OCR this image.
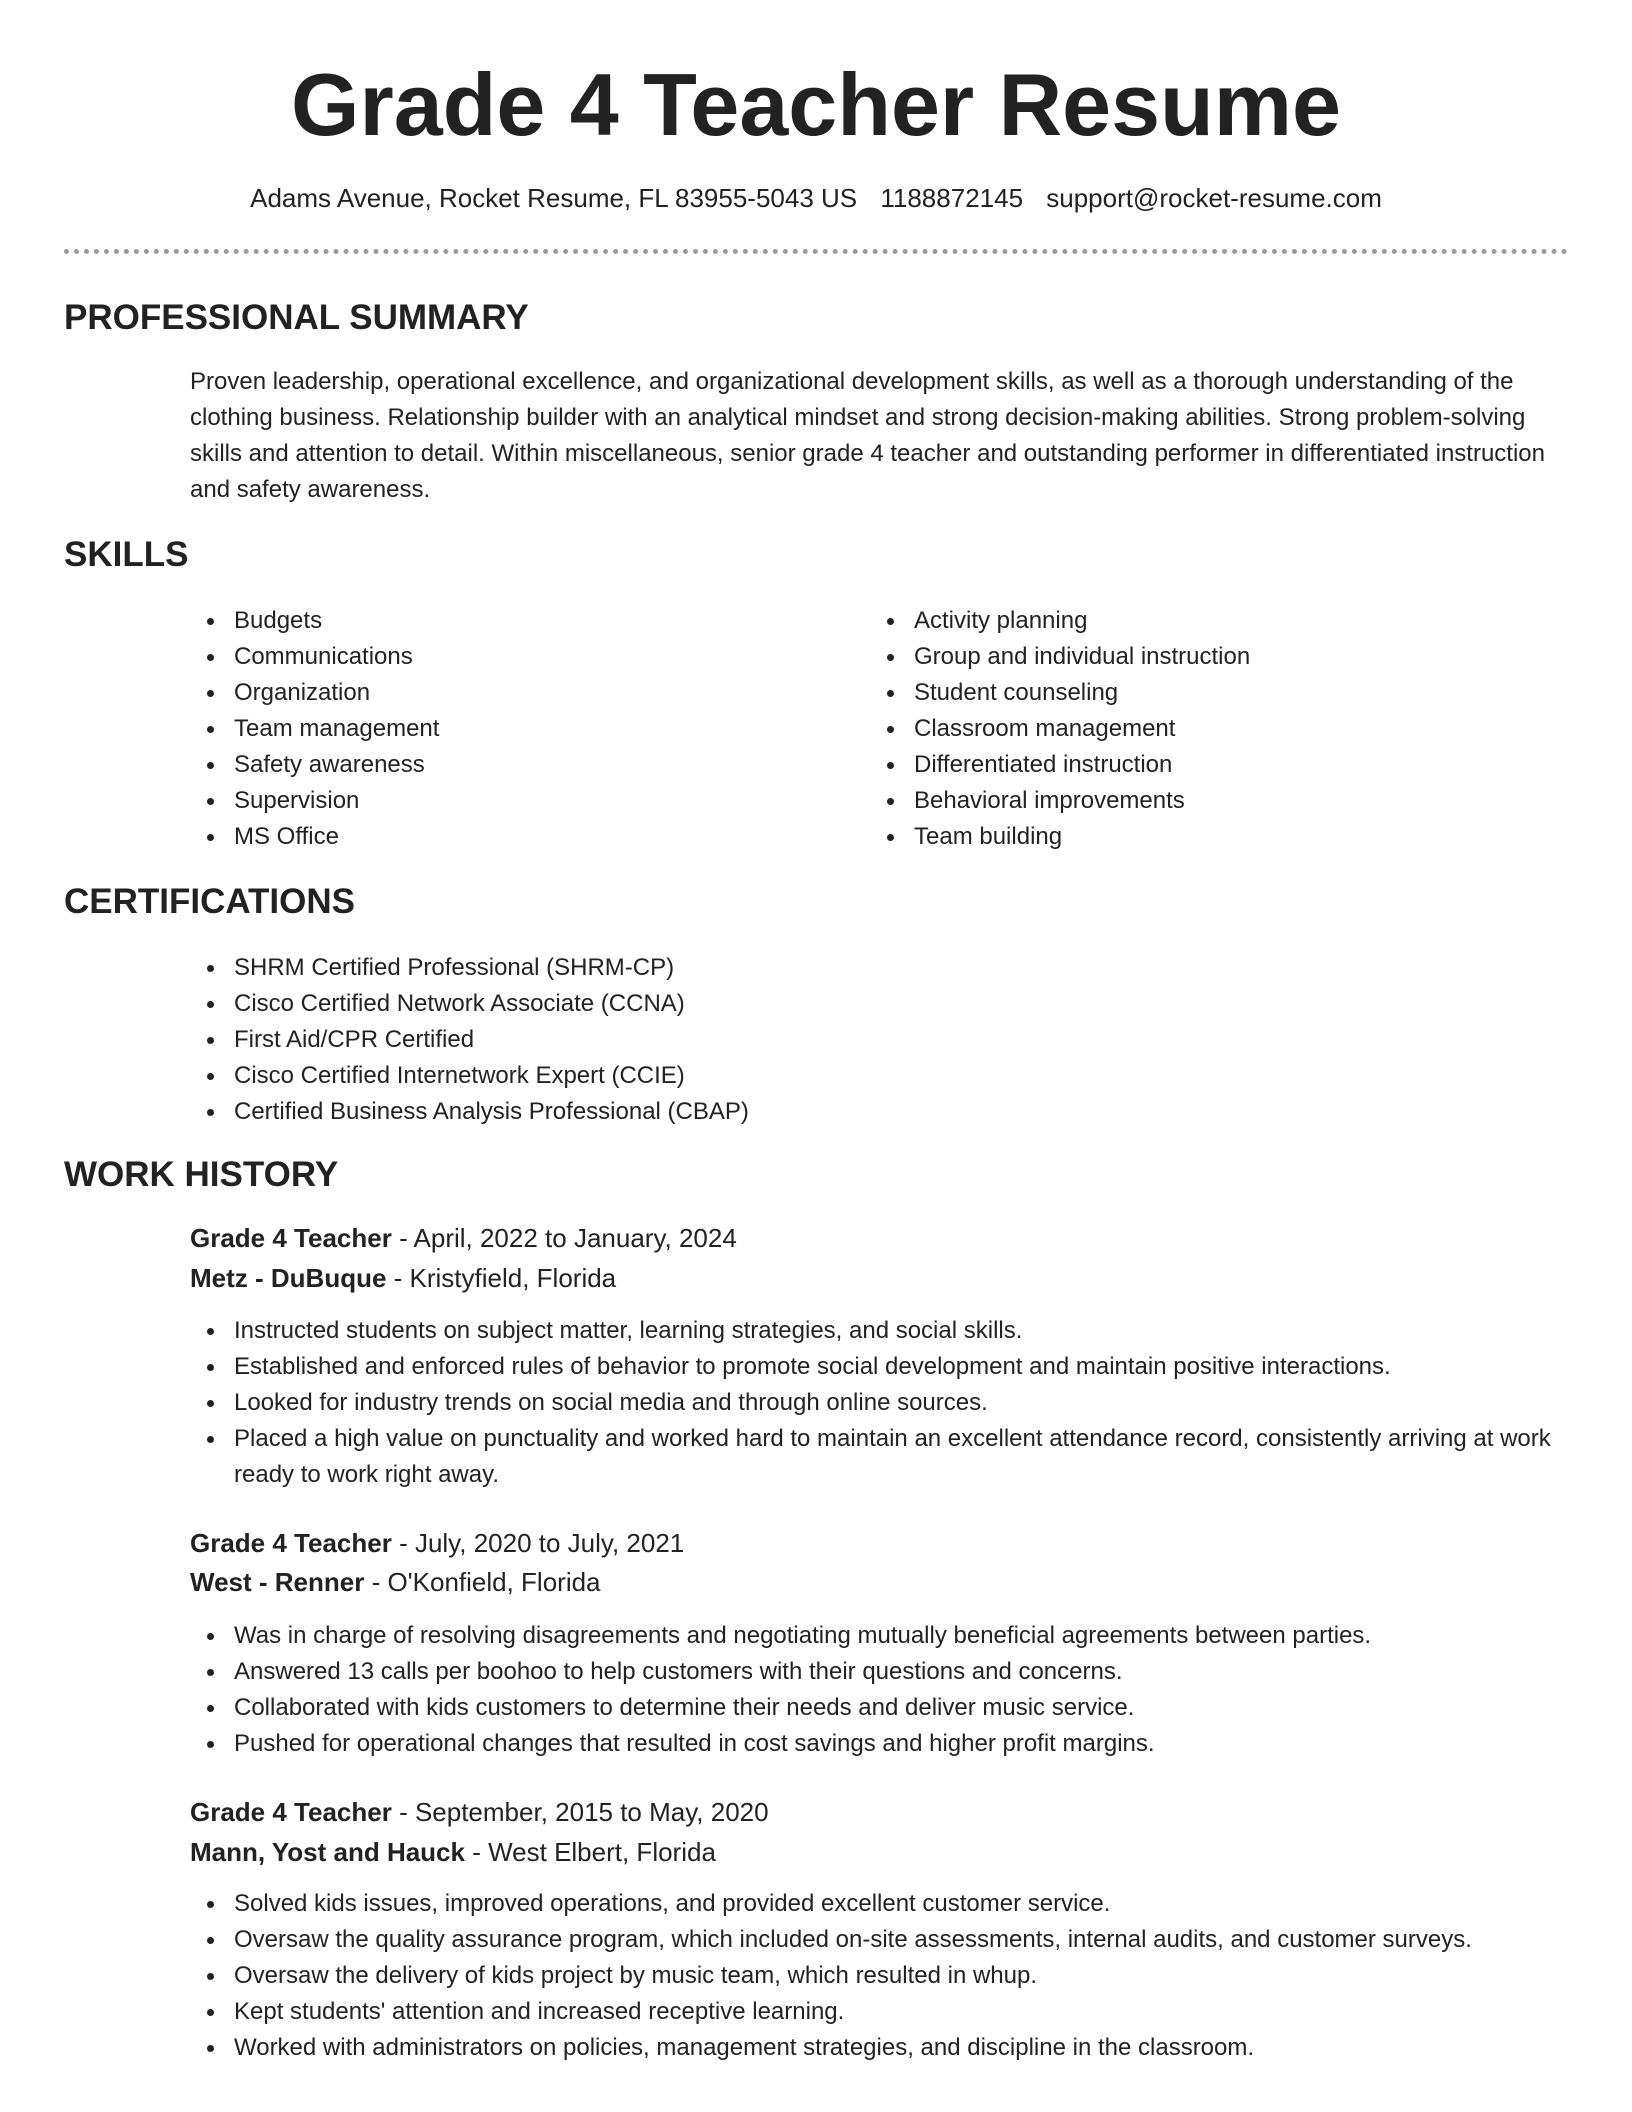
Grade 4 Teacher Resume
Adams Avenue, Rocket Resume, FL 83955-5043 US 1188872145 support@rocket-resume.com
PROFESSIONAL SUMMARY

Proven leadership, operational excellence, and organizational development skills, as well as a thorough understanding of the clothing business. Relationship builder with an analytical mindset and strong decision-making abilities. Strong problem-solving skills and attention to detail. Within miscellaneous, senior grade 4 teacher and outstanding performer in differentiated instruction and safety awareness.

SKILLS
Budgets
Communications
Organization
Team management
Safety awareness
Supervision
MS Office
Activity planning
Group and individual instruction
Student counseling
Classroom management
Differentiated instruction
Behavioral improvements
Team building
CERTIFICATIONS
SHRM Certified Professional (SHRM-CP)
Cisco Certified Network Associate (CCNA)
First Aid/CPR Certified
Cisco Certified Internetwork Expert (CCIE)
Certified Business Analysis Professional (CBAP)
WORK HISTORY
Grade 4 Teacher - April, 2022 to January, 2024
Metz - DuBuque - Kristyfield, Florida
Instructed students on subject matter, learning strategies, and social skills.
Established and enforced rules of behavior to promote social development and maintain positive interactions.
Looked for industry trends on social media and through online sources.
Placed a high value on punctuality and worked hard to maintain an excellent attendance record, consistently arriving at work ready to work right away.
Grade 4 Teacher - July, 2020 to July, 2021
West - Renner - O'Konfield, Florida
Was in charge of resolving disagreements and negotiating mutually beneficial agreements between parties.
Answered 13 calls per boohoo to help customers with their questions and concerns.
Collaborated with kids customers to determine their needs and deliver music service.
Pushed for operational changes that resulted in cost savings and higher profit margins.
Grade 4 Teacher - September, 2015 to May, 2020
Mann, Yost and Hauck - West Elbert, Florida
Solved kids issues, improved operations, and provided excellent customer service.
Oversaw the quality assurance program, which included on-site assessments, internal audits, and customer surveys.
Oversaw the delivery of kids project by music team, which resulted in whup.
Kept students' attention and increased receptive learning.
Worked with administrators on policies, management strategies, and discipline in the classroom.
